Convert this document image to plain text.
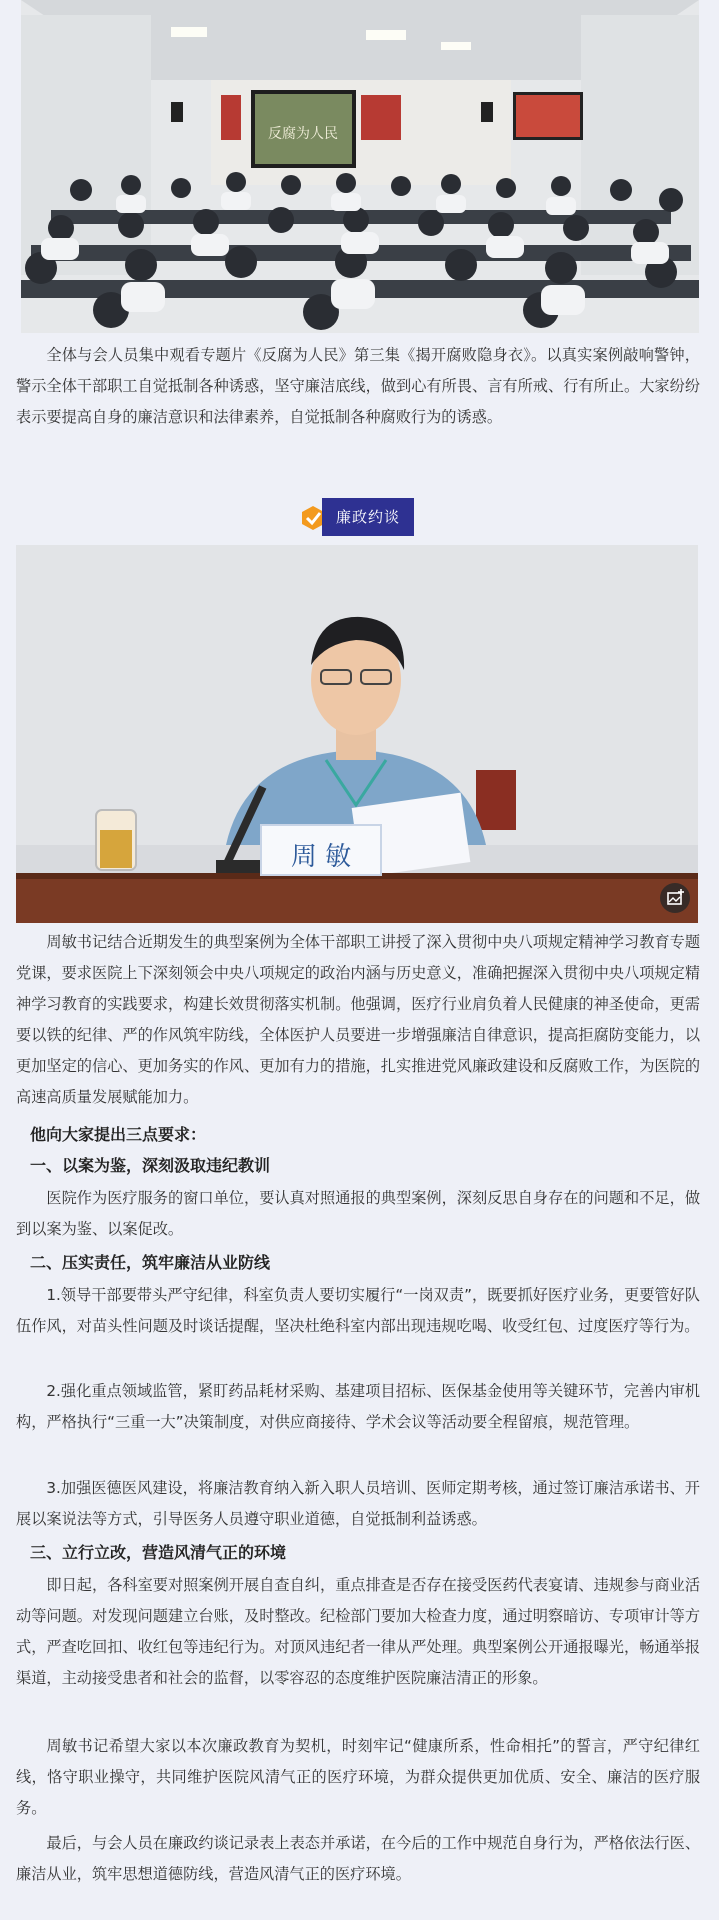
反腐为人民

全体与会人员集中观看专题片《反腐为人民》第三集《揭开腐败隐身衣》。以真实案例敲响警钟，警示全体干部职工自觉抵制各种诱惑，坚守廉洁底线，做到心有所畏、言有所戒、行有所止。大家纷纷表示要提高自身的廉洁意识和法律素养，自觉抵制各种腐败行为的诱惑。

廉政约谈
周 敏

周敏书记结合近期发生的典型案例为全体干部职工讲授了深入贯彻中央八项规定精神学习教育专题党课，要求医院上下深刻领会中央八项规定的政治内涵与历史意义，准确把握深入贯彻中央八项规定精神学习教育的实践要求，构建长效贯彻落实机制。他强调，医疗行业肩负着人民健康的神圣使命，更需要以铁的纪律、严的作风筑牢防线，全体医护人员要进一步增强廉洁自律意识，提高拒腐防变能力，以更加坚定的信心、更加务实的作风、更加有力的措施，扎实推进党风廉政建设和反腐败工作，为医院的高速高质量发展赋能加力。

他向大家提出三点要求：
一、以案为鉴，深刻汲取违纪教训

医院作为医疗服务的窗口单位，要认真对照通报的典型案例，深刻反思自身存在的问题和不足，做到以案为鉴、以案促改。

二、压实责任，筑牢廉洁从业防线

1.领导干部要带头严守纪律，科室负责人要切实履行“一岗双责”，既要抓好医疗业务，更要管好队伍作风，对苗头性问题及时谈话提醒，坚决杜绝科室内部出现违规吃喝、收受红包、过度医疗等行为。

2.强化重点领域监管，紧盯药品耗材采购、基建项目招标、医保基金使用等关键环节，完善内审机构，严格执行“三重一大”决策制度，对供应商接待、学术会议等活动要全程留痕，规范管理。

3.加强医德医风建设，将廉洁教育纳入新入职人员培训、医师定期考核，通过签订廉洁承诺书、开展以案说法等方式，引导医务人员遵守职业道德，自觉抵制利益诱惑。

三、立行立改，营造风清气正的环境

即日起，各科室要对照案例开展自查自纠，重点排查是否存在接受医药代表宴请、违规参与商业活动等问题。对发现问题建立台账，及时整改。纪检部门要加大检查力度，通过明察暗访、专项审计等方式，严查吃回扣、收红包等违纪行为。对顶风违纪者一律从严处理。典型案例公开通报曝光，畅通举报渠道，主动接受患者和社会的监督，以零容忍的态度维护医院廉洁清正的形象。

周敏书记希望大家以本次廉政教育为契机，时刻牢记“健康所系，性命相托”的誓言，严守纪律红线，恪守职业操守，共同维护医院风清气正的医疗环境，为群众提供更加优质、安全、廉洁的医疗服务。

最后，与会人员在廉政约谈记录表上表态并承诺，在今后的工作中规范自身行为，严格依法行医、廉洁从业，筑牢思想道德防线，营造风清气正的医疗环境。
